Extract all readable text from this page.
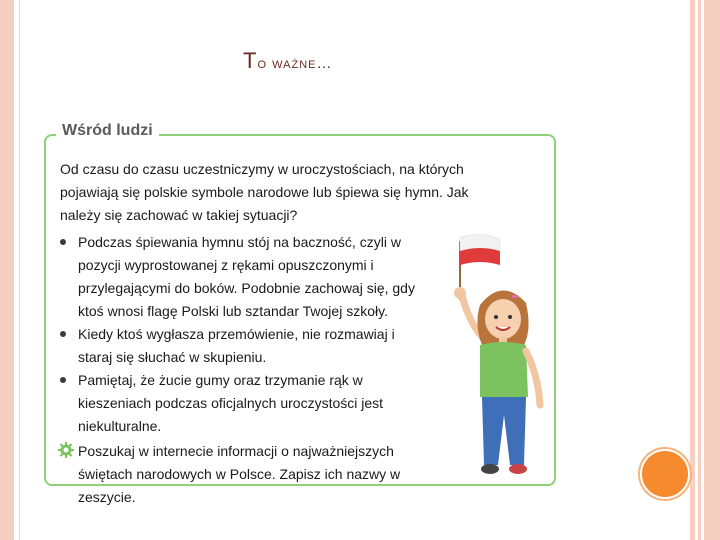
To ważne…
Wśród ludzi

Od czasu do czasu uczestniczymy w uroczystościach, na których pojawiają się polskie symbole narodowe lub śpiewa się hymn. Jak należy się zachować w takiej sytuacji?

Podczas śpiewania hymnu stój na baczność, czyli w pozycji wyprostowanej z rękami opuszczonymi i przylegającymi do boków. Podobnie zachowaj się, gdy ktoś wnosi flagę Polski lub sztandar Twojej szkoły.
Kiedy ktoś wygłasza przemówienie, nie rozmawiaj i staraj się słuchać w skupieniu.
Pamiętaj, że żucie gumy oraz trzymanie rąk w kieszeniach podczas oficjalnych uroczystości jest niekulturalne.
Poszukaj w internecie informacji o najważniejszych świętach narodowych w Polsce. Zapisz ich nazwy w zeszycie.
